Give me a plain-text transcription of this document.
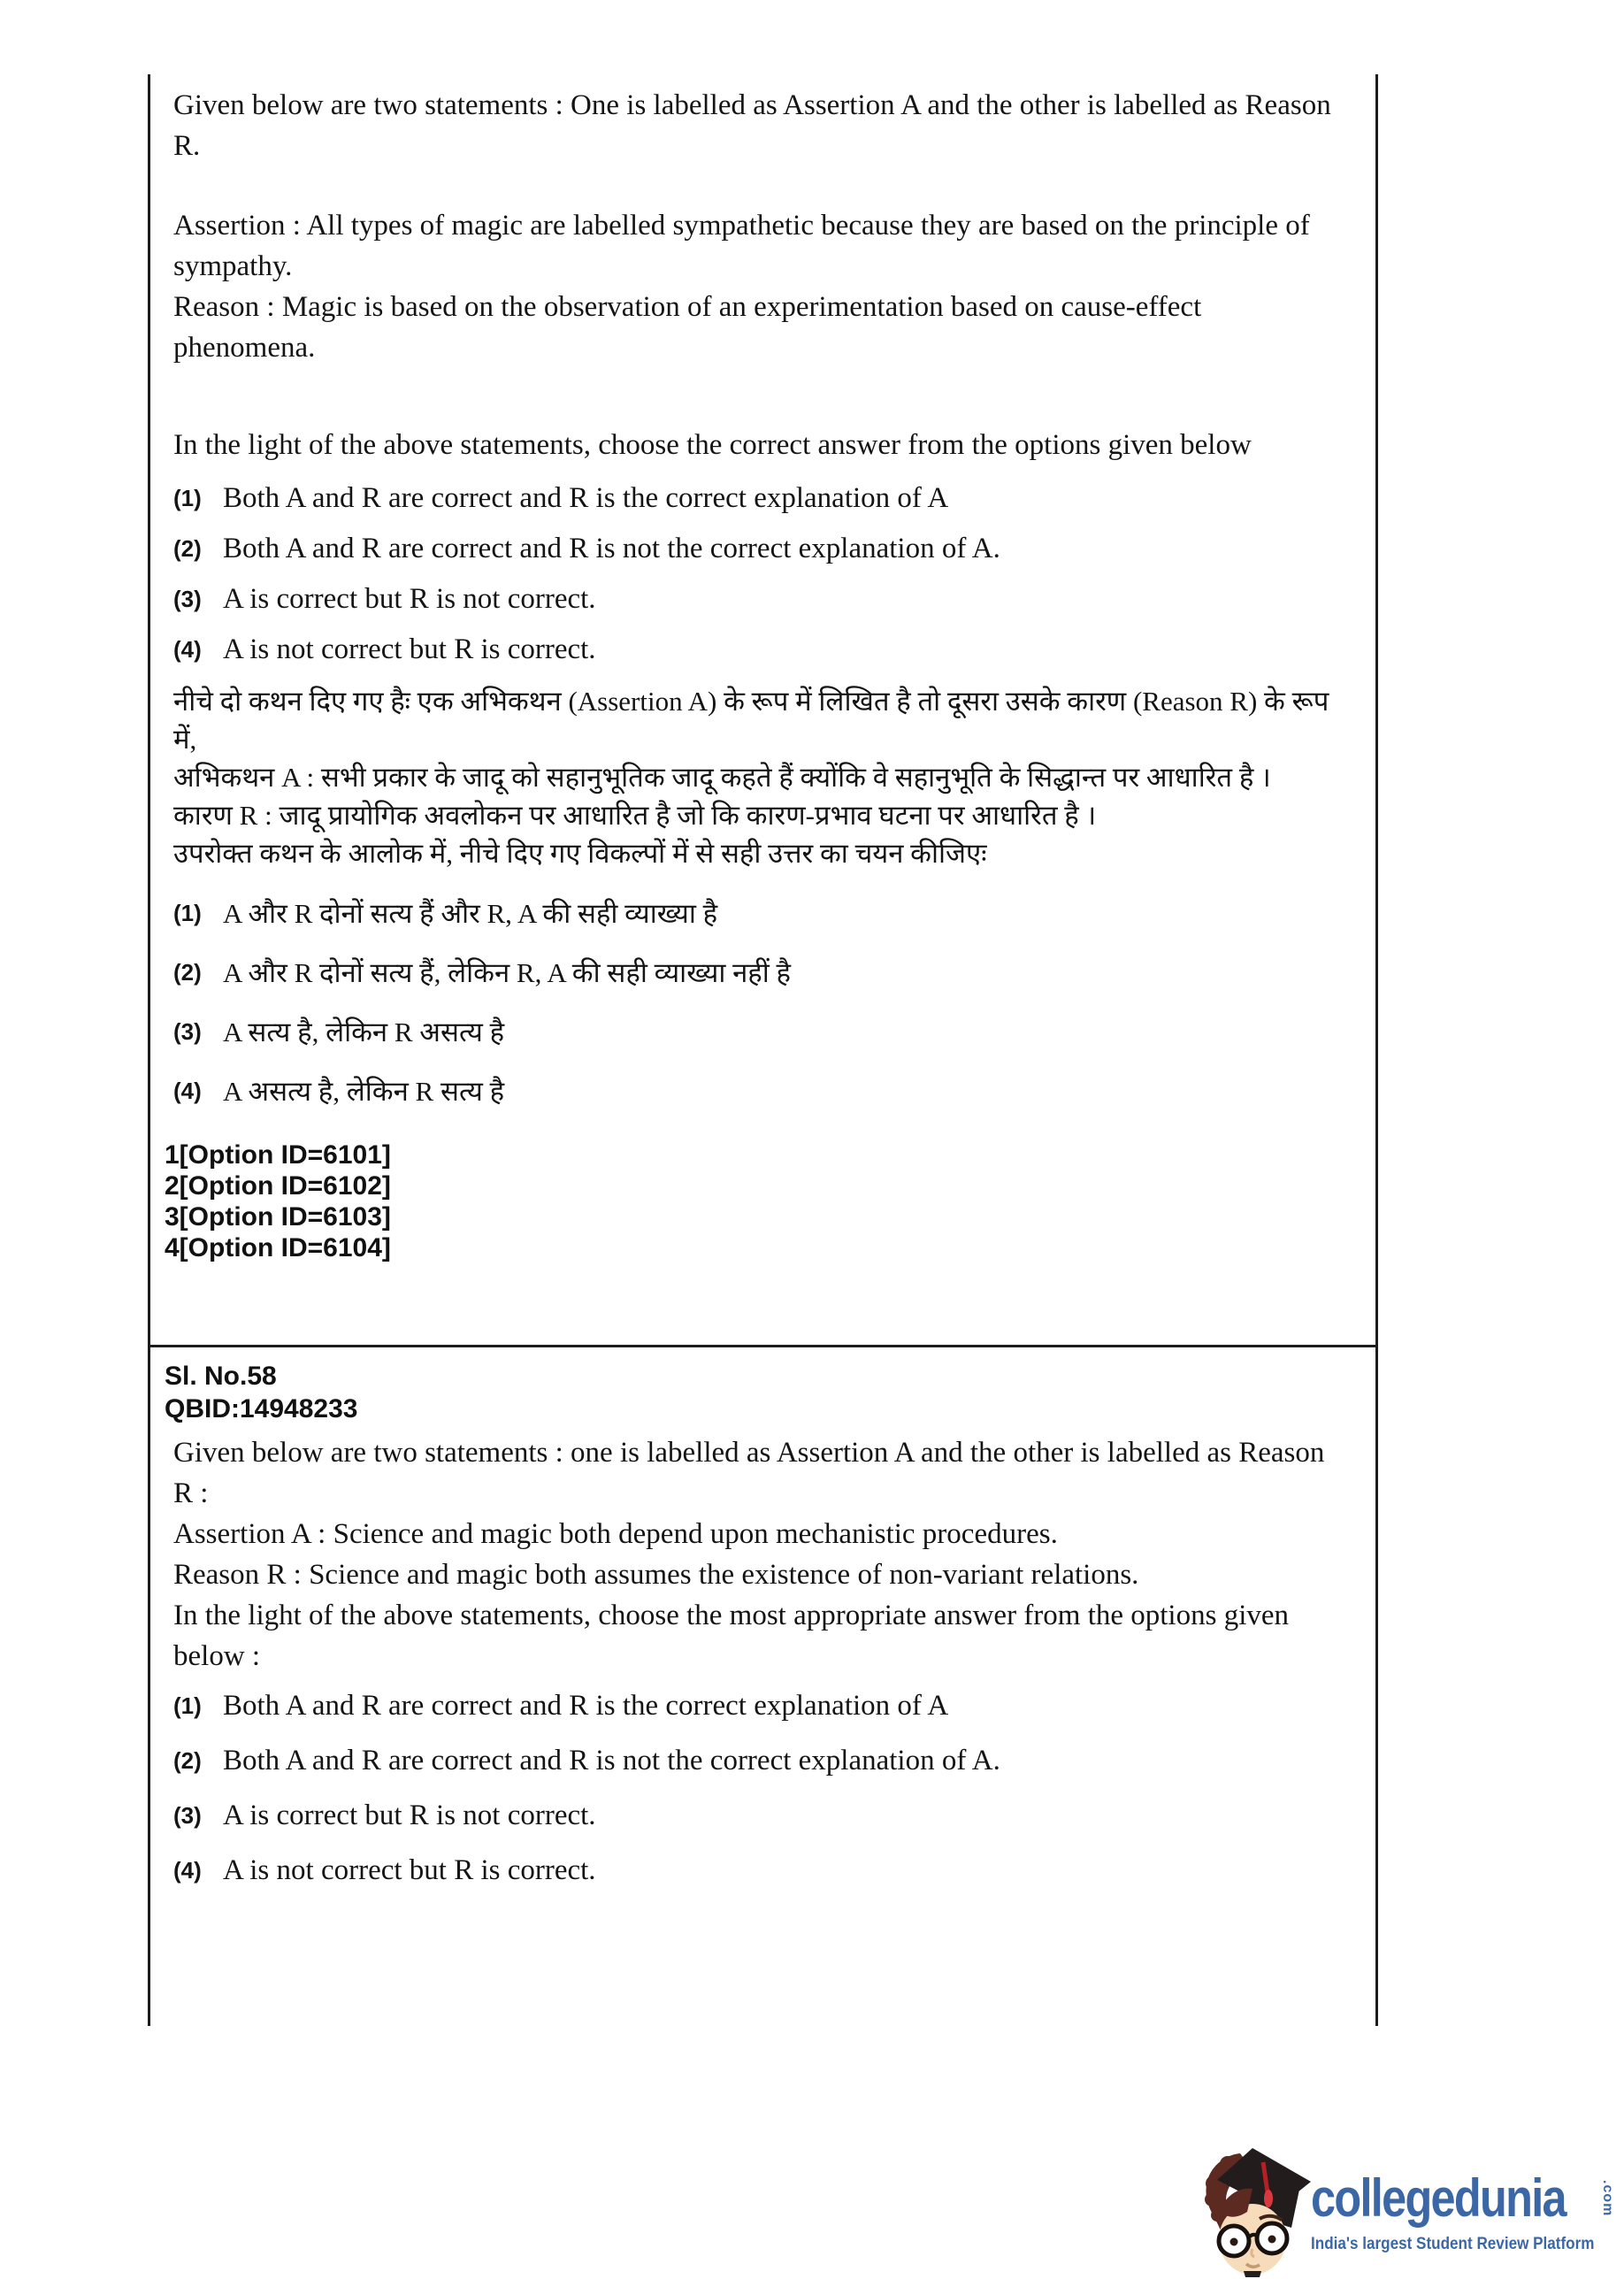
Given below are two statements : One is labelled as Assertion A and the other is labelled as Reason R.

Assertion : All types of magic are labelled sympathetic because they are based on the principle of sympathy.

Reason : Magic is based on the observation of an experimentation based on cause-effect phenomena.

In the light of the above statements, choose the correct answer from the options given below

(1) Both A and R are correct and R is the correct explanation of A
(2) Both A and R are correct and R is not the correct explanation of A.
(3) A is correct but R is not correct.
(4) A is not correct but R is correct.

नीचे दो कथन दिए गए हैः एक अभिकथन (Assertion A) के रूप में लिखित है तो दूसरा उसके कारण (Reason R) के रूप में,

अभिकथन A : सभी प्रकार के जादू को सहानुभूतिक जादू कहते हैं क्योंकि वे सहानुभूति के सिद्धान्त पर आधारित है ।

कारण R : जादू प्रायोगिक अवलोकन पर आधारित है जो कि कारण-प्रभाव घटना पर आधारित है ।

उपरोक्त कथन के आलोक में, नीचे दिए गए विकल्पों में से सही उत्तर का चयन कीजिएः

(1) A और R दोनों सत्य हैं और R, A की सही व्याख्या है
(2) A और R दोनों सत्य हैं, लेकिन R, A की सही व्याख्या नहीं है
(3) A सत्य है, लेकिन R असत्य है
(4) A असत्य है, लेकिन R सत्य है
1[Option ID=6101]
2[Option ID=6102]
3[Option ID=6103]
4[Option ID=6104]
Sl. No.58
QBID:14948233

Given below are two statements : one is labelled as Assertion A and the other is labelled as Reason R :

Assertion A : Science and magic both depend upon mechanistic procedures.

Reason R : Science and magic both assumes the existence of non-variant relations.

In the light of the above statements, choose the most appropriate answer from the options given below :

(1) Both A and R are correct and R is the correct explanation of A
(2) Both A and R are correct and R is not the correct explanation of A.
(3) A is correct but R is not correct.
(4) A is not correct but R is correct.
collegedunia .com
India's largest Student Review Platform
